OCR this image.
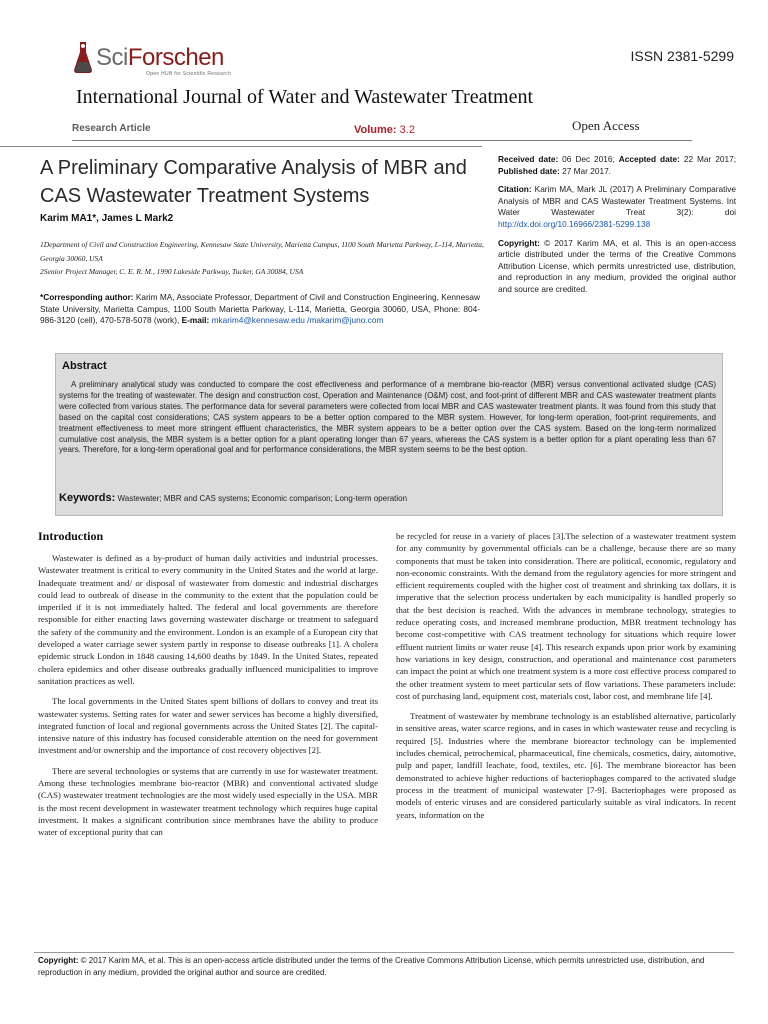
SciForschen
Open HUB for Scientific Research
ISSN 2381-5299
International Journal of Water and Wastewater Treatment
Research Article	Volume: 3.2	Open Access
A Preliminary Comparative Analysis of MBR and CAS Wastewater Treatment Systems
Karim MA1*, James L Mark2

1Department of Civil and Construction Engineering, Kennesaw State University, Marietta Campus, 1100 South Marietta Parkway, L-114, Marietta, Georgia 30060, USA

2Senior Project Manager, C. E. R. M., 1990 Lakeside Parkway, Tucker, GA 30084, USA

*Corresponding author: Karim MA, Associate Professor, Department of Civil and Construction Engineering, Kennesaw State University, Marietta Campus, 1100 South Marietta Parkway, L-114, Marietta, Georgia 30060, USA, Phone: 804-986-3120 (cell), 470-578-5078 (work), E-mail: mkarim4@kennesaw.edu /makarim@juno.com

Received date: 06 Dec 2016; Accepted date: 22 Mar 2017; Published date: 27 Mar 2017.

Citation: Karim MA, Mark JL (2017) A Preliminary Comparative Analysis of MBR and CAS Wastewater Treatment Systems. Int Water Wastewater Treat 3(2): doi http://dx.doi.org/10.16966/2381-5299.138

Copyright: © 2017 Karim MA, et al. This is an open-access article distributed under the terms of the Creative Commons Attribution License, which permits unrestricted use, distribution, and reproduction in any medium, provided the original author and source are credited.

Abstract
A preliminary analytical study was conducted to compare the cost effectiveness and performance of a membrane bio-reactor (MBR) versus conventional activated sludge (CAS) systems for the treating of wastewater. The design and construction cost, Operation and Maintenance (O&M) cost, and foot-print of different MBR and CAS wastewater treatment plants were collected from various states. The performance data for several parameters were collected from local MBR and CAS wastewater treatment plants. It was found from this study that based on the capital cost considerations; CAS system appears to be a better option compared to the MBR system. However, for long-term operation, foot-print requirements, and treatment effectiveness to meet more stringent effluent characteristics, the MBR system appears to be a better option over the CAS system. Based on the long-term normalized cumulative cost analysis, the MBR system is a better option for a plant operating longer than 67 years, whereas the CAS system is a better option for a plant operating less than 67 years. Therefore, for a long-term operational goal and for performance considerations, the MBR system seems to be the best option.
Keywords: Wastewater; MBR and CAS systems; Economic comparison; Long-term operation
Introduction

Wastewater is defined as a by-product of human daily activities and industrial processes. Wastewater treatment is critical to every community in the United States and the world at large. Inadequate treatment and/ or disposal of wastewater from domestic and industrial discharges could lead to outbreak of disease in the community to the extent that the population could be imperiled if it is not immediately halted. The federal and local governments are therefore responsible for either enacting laws governing wastewater discharge or treatment to safeguard the safety of the community and the environment. London is an example of a European city that developed a water carriage sewer system partly in response to disease outbreaks [1]. A cholera epidemic struck London in 1848 causing 14,600 deaths by 1849. In the United States, repeated cholera epidemics and other disease outbreaks gradually influenced municipalities to improve sanitation practices as well.

The local governments in the United States spent billions of dollars to convey and treat its wastewater systems. Setting rates for water and sewer services has become a highly diversified, integrated function of local and regional governments across the United States [2]. The capital-intensive nature of this industry has focused considerable attention on the need for government investment and/or ownership and the importance of cost recovery objectives [2].

There are several technologies or systems that are currently in use for wastewater treatment. Among these technologies membrane bio-reactor (MBR) and conventional activated sludge (CAS) wastewater treatment technologies are the most widely used especially in the USA. MBR is the most recent development in wastewater treatment technology which requires huge capital investment. It makes a significant contribution since membranes have the ability to produce water of exceptional purity that can

be recycled for reuse in a variety of places [3].The selection of a wastewater treatment system for any community by governmental officials can be a challenge, because there are so many components that must be taken into consideration. There are political, economic, regulatory and non-economic constraints. With the demand from the regulatory agencies for more stringent and efficient requirements coupled with the higher cost of treatment and shrinking tax dollars, it is imperative that the selection process undertaken by each municipality is handled properly so that the best decision is reached. With the advances in membrane technology, strategies to reduce operating costs, and increased membrane production, MBR treatment technology has become cost-competitive with CAS treatment technology for situations which require lower effluent nutrient limits or water reuse [4]. This research expands upon prior work by examining how variations in key design, construction, and operational and maintenance cost parameters can impact the point at which one treatment system is a more cost effective process compared to the other treatment system to meet particular sets of flow variations. These parameters include: cost of purchasing land, equipment cost, materials cost, labor cost, and membrane life [4].

Treatment of wastewater by membrane technology is an established alternative, particularly in sensitive areas, water scarce regions, and in cases in which wastewater reuse and recycling is required [5]. Industries where the membrane bioreactor technology can be implemented includes chemical, petrochemical, pharmaceutical, fine chemicals, cosmetics, dairy, automotive, pulp and paper, landfill leachate, food, textiles, etc. [6]. The membrane bioreactor has been demonstrated to achieve higher reductions of bacteriophages compared to the activated sludge process in the treatment of municipal wastewater [7-9]. Bacteriophages were proposed as models of enteric viruses and are considered particularly suitable as viral indicators. In recent years, information on the

Copyright: © 2017 Karim MA, et al. This is an open-access article distributed under the terms of the Creative Commons Attribution License, which permits unrestricted use, distribution, and reproduction in any medium, provided the original author and source are credited.
